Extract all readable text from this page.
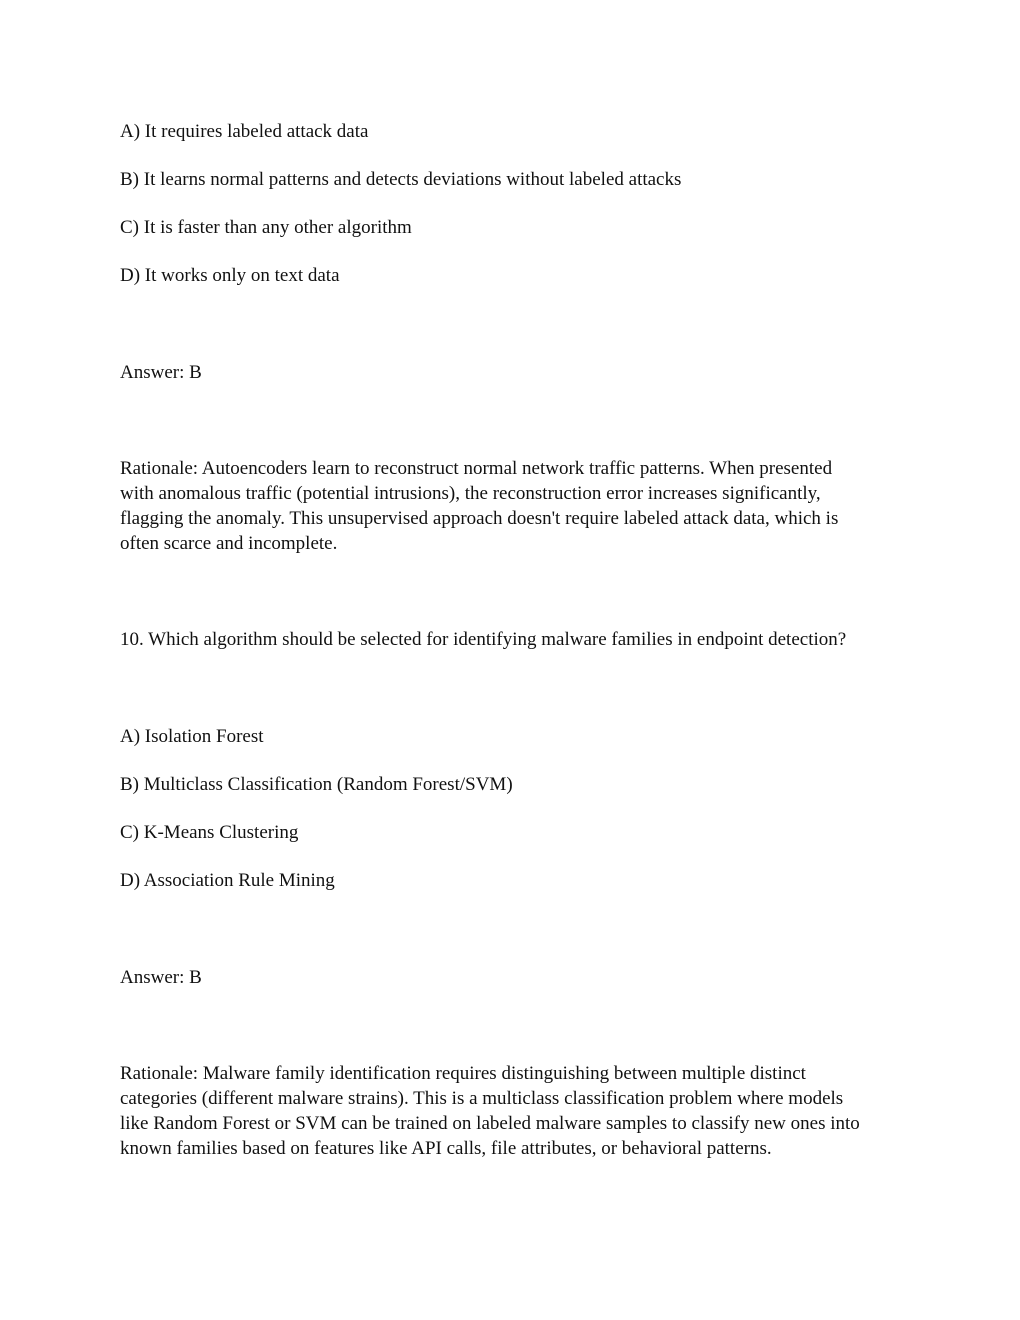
A) It requires labeled attack data

B) It learns normal patterns and detects deviations without labeled attacks

C) It is faster than any other algorithm

D) It works only on text data

Answer: B

Rationale: Autoencoders learn to reconstruct normal network traffic patterns. When presented
with anomalous traffic (potential intrusions), the reconstruction error increases significantly,
flagging the anomaly. This unsupervised approach doesn't require labeled attack data, which is
often scarce and incomplete.

10. Which algorithm should be selected for identifying malware families in endpoint detection?

A) Isolation Forest

B) Multiclass Classification (Random Forest/SVM)

C) K-Means Clustering

D) Association Rule Mining

Answer: B

Rationale: Malware family identification requires distinguishing between multiple distinct
categories (different malware strains). This is a multiclass classification problem where models
like Random Forest or SVM can be trained on labeled malware samples to classify new ones into
known families based on features like API calls, file attributes, or behavioral patterns.
